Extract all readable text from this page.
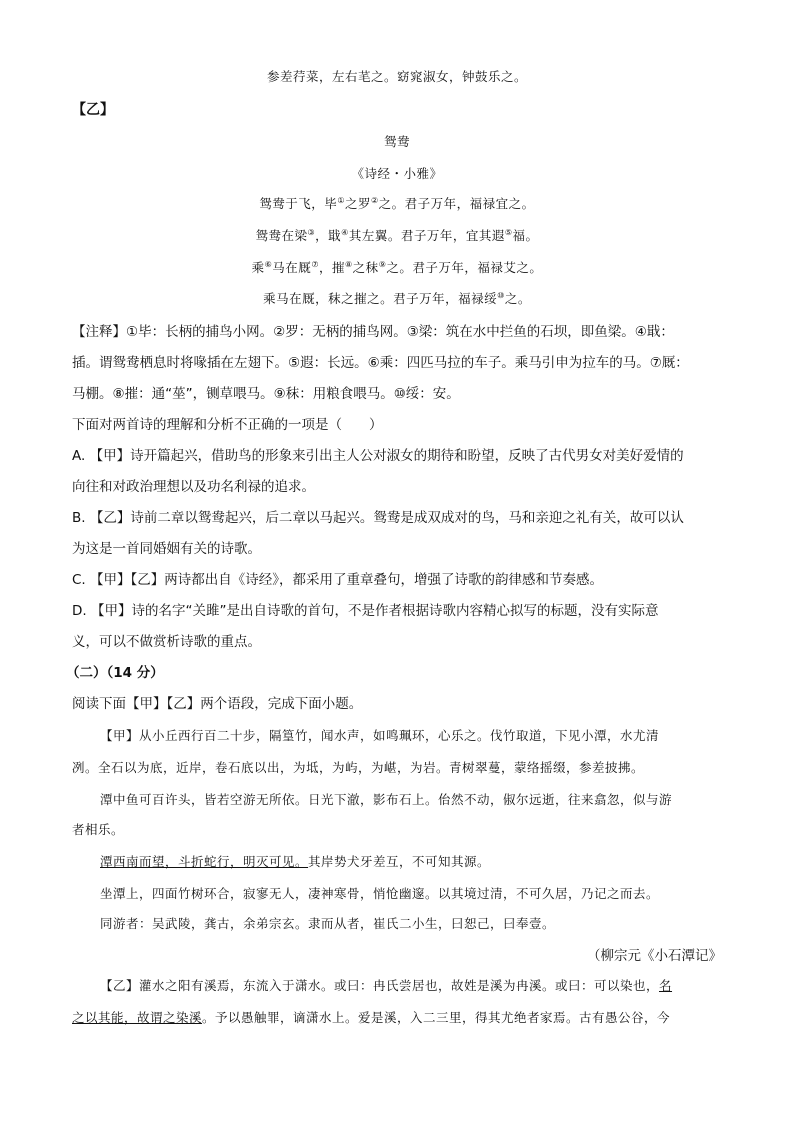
参差荇菜，左右芼之。窈窕淑女，钟鼓乐之。
【乙】
鸳鸯
《诗经・小雅》
鸳鸯于飞，毕①之罗②之。君子万年，福禄宜之。
鸳鸯在梁③，戢④其左翼。君子万年，宜其遐⑤福。
乘⑥马在厩⑦，摧⑧之秣⑨之。君子万年，福禄艾之。
乘马在厩，秣之摧之。君子万年，福禄绥⑩之。
【注释】①毕：长柄的捕鸟小网。②罗：无柄的捕鸟网。③梁：筑在水中拦鱼的石坝，即鱼梁。④戢：
插。谓鸳鸯栖息时将喙插在左翅下。⑤遐：长远。⑥乘：四匹马拉的车子。乘马引申为拉车的马。⑦厩：
马棚。⑧摧：通“莝”，铡草喂马。⑨秣：用粮食喂马。⑩绥：安。
下面对两首诗的理解和分析不正确的一项是（　　）
A. 【甲】诗开篇起兴，借助鸟的形象来引出主人公对淑女的期待和盼望，反映了古代男女对美好爱情的
向往和对政治理想以及功名利禄的追求。
B. 【乙】诗前二章以鸳鸯起兴，后二章以马起兴。鸳鸯是成双成对的鸟，马和亲迎之礼有关，故可以认
为这是一首同婚姻有关的诗歌。
C. 【甲】【乙】两诗都出自《诗经》，都采用了重章叠句，增强了诗歌的韵律感和节奏感。
D. 【甲】诗的名字“关雎”是出自诗歌的首句，不是作者根据诗歌内容精心拟写的标题，没有实际意
义，可以不做赏析诗歌的重点。
（二）（14 分）
阅读下面【甲】【乙】两个语段，完成下面小题。
【甲】从小丘西行百二十步，隔篁竹，闻水声，如鸣珮环，心乐之。伐竹取道，下见小潭，水尤清
冽。全石以为底，近岸，卷石底以出，为坻，为屿，为嵁，为岩。青树翠蔓，蒙络摇缀，参差披拂。
潭中鱼可百许头，皆若空游无所依。日光下澈，影布石上。佁然不动，俶尔远逝，往来翕忽，似与游
者相乐。
潭西南而望，斗折蛇行，明灭可见。其岸势犬牙差互，不可知其源。
坐潭上，四面竹树环合，寂寥无人，凄神寒骨，悄怆幽邃。以其境过清，不可久居，乃记之而去。
同游者：吴武陵，龚古，余弟宗玄。隶而从者，崔氏二小生，曰恕己，曰奉壹。
（柳宗元《小石潭记》
【乙】灌水之阳有溪焉，东流入于潇水。或曰：冉氏尝居也，故姓是溪为冉溪。或曰：可以染也，名
之以其能，故谓之染溪。予以愚触罪，谪潇水上。爱是溪，入二三里，得其尤绝者家焉。古有愚公谷，今
